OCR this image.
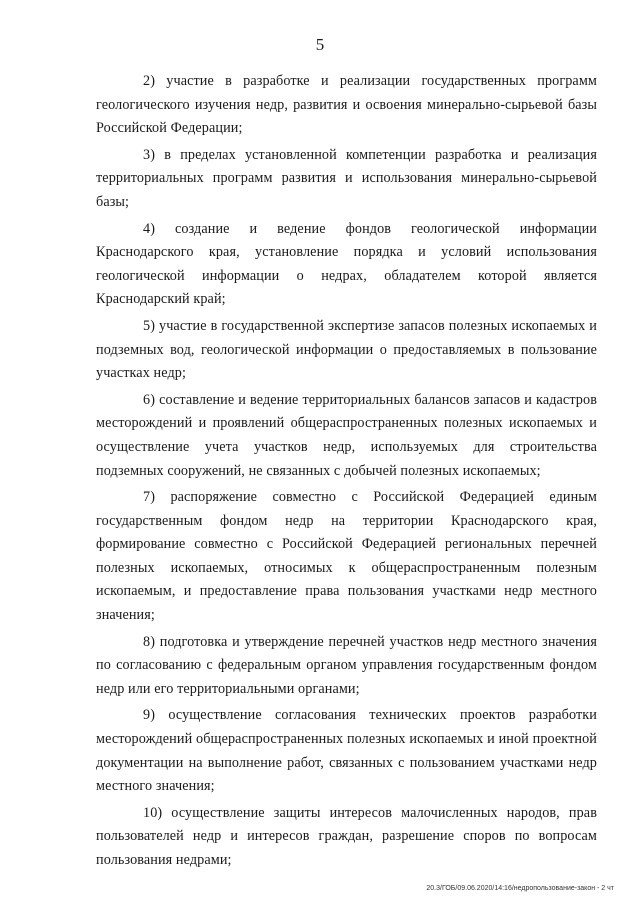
5

2) участие в разработке и реализации государственных программ геологического изучения недр, развития и освоения минерально-сырьевой базы Российской Федерации;

3) в пределах установленной компетенции разработка и реализация территориальных программ развития и использования минерально-сырьевой базы;

4) создание и ведение фондов геологической информации Краснодарского края, установление порядка и условий использования геологической информации о недрах, обладателем которой является Краснодарский край;

5) участие в государственной экспертизе запасов полезных ископаемых и подземных вод, геологической информации о предоставляемых в пользование участках недр;

6) составление и ведение территориальных балансов запасов и кадастров месторождений и проявлений общераспространенных полезных ископаемых и осуществление учета участков недр, используемых для строительства подземных сооружений, не связанных с добычей полезных ископаемых;

7) распоряжение совместно с Российской Федерацией единым государственным фондом недр на территории Краснодарского края, формирование совместно с Российской Федерацией региональных перечней полезных ископаемых, относимых к общераспространенным полезным ископаемым, и предоставление права пользования участками недр местного значения;

8) подготовка и утверждение перечней участков недр местного значения по согласованию с федеральным органом управления государственным фондом недр или его территориальными органами;

9) осуществление согласования технических проектов разработки месторождений общераспространенных полезных ископаемых и иной проектной документации на выполнение работ, связанных с пользованием участками недр местного значения;

10) осуществление защиты интересов малочисленных народов, прав пользователей недр и интересов граждан, разрешение споров по вопросам пользования недрами;

20.3/ГОБ/09.06.2020/14:16/недропользование-закон - 2 чт
